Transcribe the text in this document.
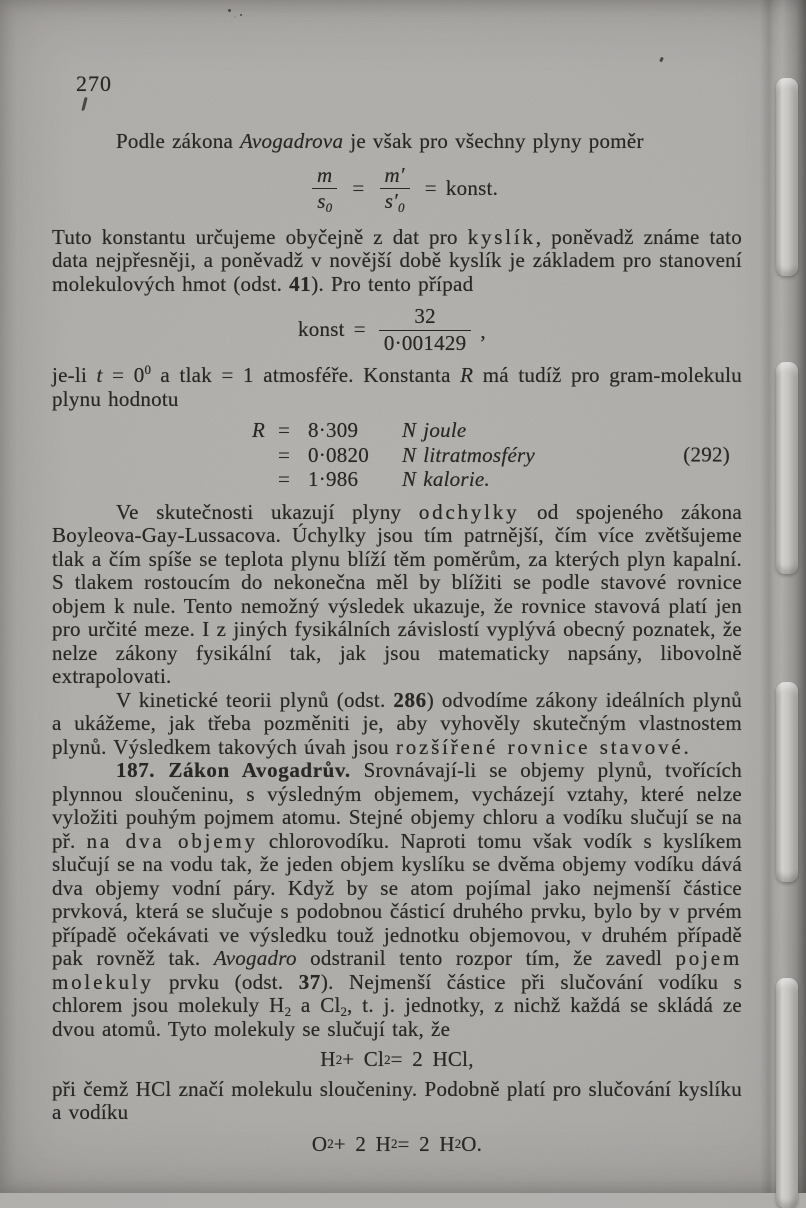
270

Podle zákona Avogadrova je však pro všechny plyny poměr

$\frac{m}{s_0} = \frac{m'}{s'_0}$ = konst.

Tuto konstantu určujeme obyčejně z dat pro kyslík, poněvadž známe tato data nejpřesněji, a poněvadž v novější době kyslík je základem pro stanovení molekulových hmot (odst. 41). Pro tento případ

konst = $\frac{32}{0\cdot 001429}$ ,

je-li $t = 0^0$ a tlak = 1 atmosféře. Konstanta R má tudíž pro gram-molekulu plynu hodnotu

R = 8·309	N joule
= 0·0820	N litratmosféry
= 1·986	N kalorie.
(292)

Ve skutečnosti ukazují plyny odchylky od spojeného zákona Boyleova-Gay-Lussacova. Úchylky jsou tím patrnější, čím více zvětšujeme tlak a čím spíše se teplota plynu blíží těm poměrům, za kterých plyn kapalní. S tlakem rostoucím do nekonečna měl by blížiti se podle stavové rovnice objem k nule. Tento nemožný výsledek ukazuje, že rovnice stavová platí jen pro určité meze. I z jiných fysikálních závislostí vyplývá obecný poznatek, že nelze zákony fysikální tak, jak jsou matematicky napsány, libovolně extrapolovati.

V kinetické teorii plynů (odst. 286) odvodíme zákony ideálních plynů a ukážeme, jak třeba pozměniti je, aby vyhověly skutečným vlastnostem plynů. Výsledkem takových úvah jsou rozšířené rovnice stavové.

187. Zákon Avogadrův. Srovnávají-li se objemy plynů, tvořících plynnou sloučeninu, s výsledným objemem, vycházejí vztahy, které nelze vyložiti pouhým pojmem atomu. Stejné objemy chloru a vodíku slučují se na př. na dva objemy chlorovodíku. Naproti tomu však vodík s kyslíkem slučují se na vodu tak, že jeden objem kyslíku se dvěma objemy vodíku dává dva objemy vodní páry. Když by se atom pojímal jako nejmenší částice prvková, která se slučuje s podobnou částicí druhého prvku, bylo by v prvém případě očekávati ve výsledku touž jednotku objemovou, v druhém případě pak rovněž tak. Avogadro odstranil tento rozpor tím, že zavedl pojem molekuly prvku (odst. 37). Nejmenší částice při slučování vodíku s chlorem jsou molekuly $H_2$ a $Cl_2$, t. j. jednotky, z nichž každá se skládá ze dvou atomů. Tyto molekuly se slučují tak, že

H 2 + Cl 2 = 2 HCl,

při čemž HCl značí molekulu sloučeniny. Podobně platí pro slučování kyslíku a vodíku

O 2 + 2 H 2 = 2 H 2 O.
